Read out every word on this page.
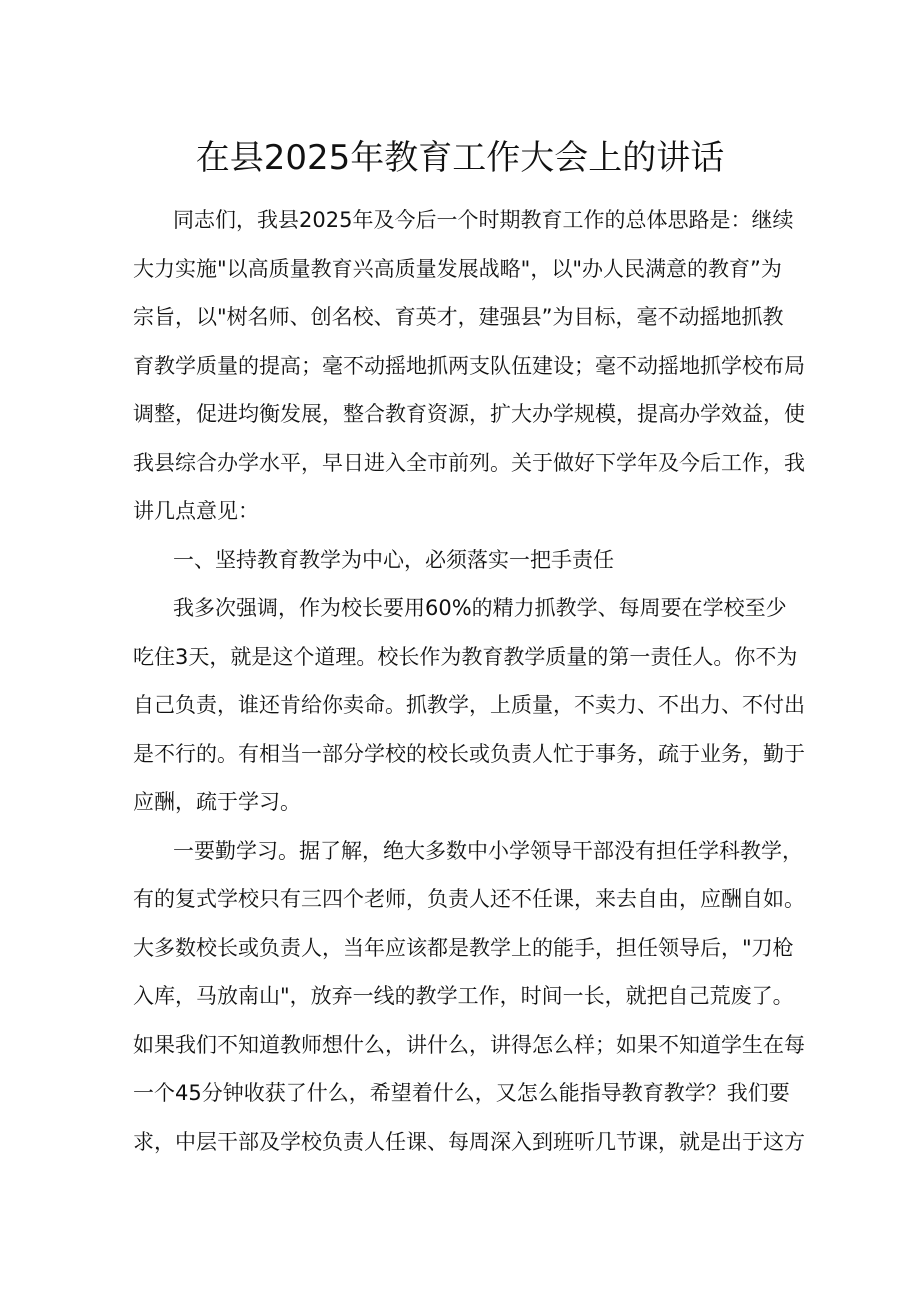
在县2025年教育工作大会上的讲话
同志们，我县2025年及今后一个时期教育工作的总体思路是：继续
大力实施"以高质量教育兴高质量发展战略"，以"办人民满意的教育”为
宗旨，以"树名师、创名校、育英才，建强县”为目标，毫不动摇地抓教
育教学质量的提高；毫不动摇地抓两支队伍建设；毫不动摇地抓学校布局
调整，促进均衡发展，整合教育资源，扩大办学规模，提高办学效益，使
我县综合办学水平，早日进入全市前列。关于做好下学年及今后工作，我
讲几点意见：
一、坚持教育教学为中心，必须落实一把手责任
我多次强调，作为校长要用60%的精力抓教学、每周要在学校至少
吃住3天，就是这个道理。校长作为教育教学质量的第一责任人。你不为
自己负责，谁还肯给你卖命。抓教学，上质量，不卖力、不出力、不付出
是不行的。有相当一部分学校的校长或负责人忙于事务，疏于业务，勤于
应酬，疏于学习。
一要勤学习。据了解，绝大多数中小学领导干部没有担任学科教学，
有的复式学校只有三四个老师，负责人还不任课，来去自由，应酬自如。
大多数校长或负责人，当年应该都是教学上的能手，担任领导后，"刀枪
入库，马放南山"，放弃一线的教学工作，时间一长，就把自己荒废了。
如果我们不知道教师想什么，讲什么，讲得怎么样；如果不知道学生在每
一个45分钟收获了什么，希望着什么，又怎么能指导教育教学？我们要
求，中层干部及学校负责人任课、每周深入到班听几节课，就是出于这方
